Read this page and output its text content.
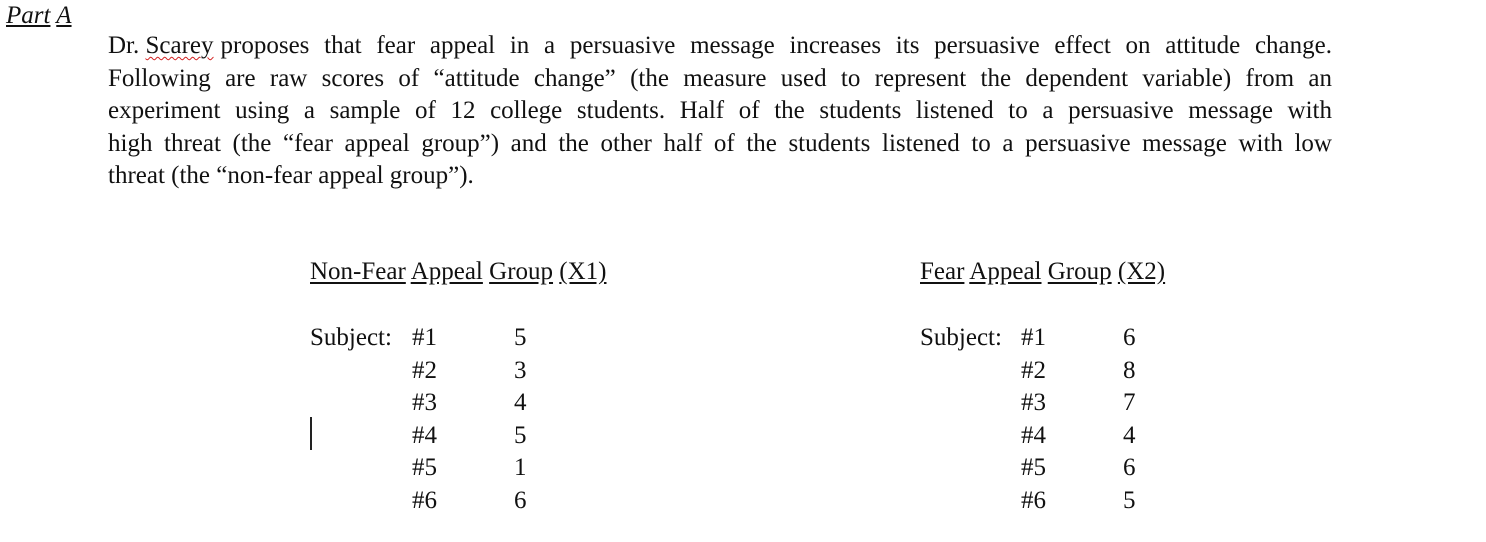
Part A
Dr. Scarey proposes that fear appeal in a persuasive message increases its persuasive effect on attitude change.
Following are raw scores of “attitude change” (the measure used to represent the dependent variable) from an
experiment using a sample of 12 college students. Half of the students listened to a persuasive message with
high threat (the “fear appeal group”) and the other half of the students listened to a persuasive message with low
threat (the “non-fear appeal group”).
Non-Fear Appeal Group (X1)
Subject: #1	5
#2	3
#3	4
#4	5
#5	1
#6	6
Fear Appeal Group (X2)
Subject: #1	6
#2	8
#3	7
#4	4
#5	6
#6	5
